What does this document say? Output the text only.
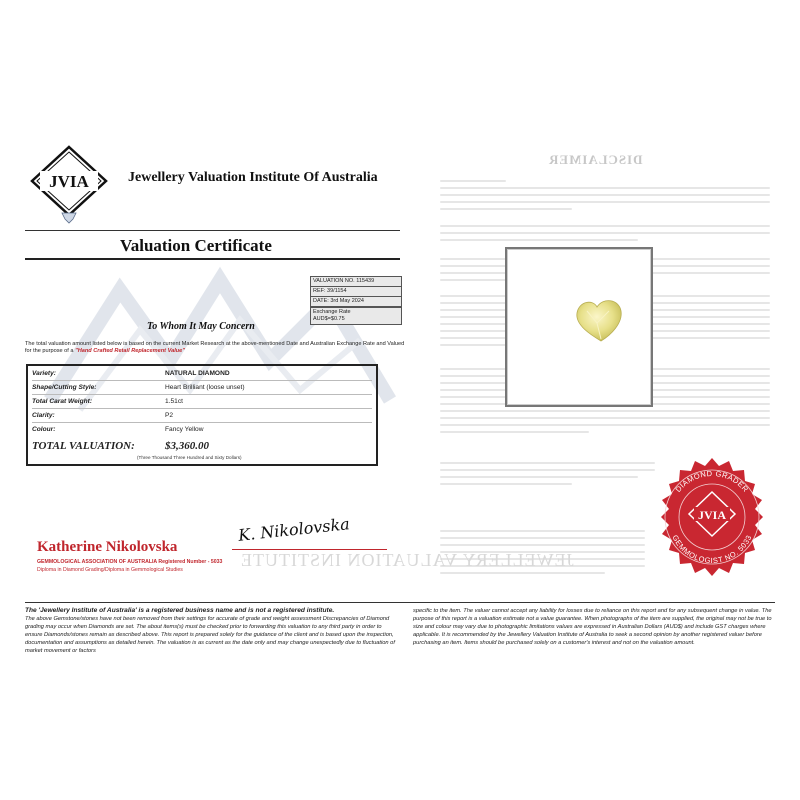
DISCLAIMER
JVIA	Jewellery Valuation Institute Of Australia
Valuation Certificate
VALUATION NO. 115439
REF: 39/1154
DATE: 3rd May 2024
Exchange Rate
AUD$=$0.75
To Whom It May Concern
The total valuation amount listed below is based on the current Market Research at the above-mentioned Date and Australian Exchange Rate and Valued for the purpose of a "Hand Crafted Retail Replacement Value"
Variety:	NATURAL DIAMOND
Shape/Cutting Style:	Heart Brilliant (loose unset)
Total Carat Weight:	1.51ct
Clarity:	P2
Colour:	Fancy Yellow
TOTAL VALUATION:	$3,360.00
(Three Thousand Three Hundred and Sixty Dollars)
JEWELLERY VALUATION INSTITUTE
Katherine Nikolovska
K. Nikolovska
GEMMOLOGICAL ASSOCIATION OF AUSTRALIA Registered Number - 5033
Diploma in Diamond Grading/Diploma in Gemmological Studies
DIAMOND GRADER
GEMMOLOGIST NO. 5033
JVIA
The 'Jewellery Institute of Australia' is a registered business name and is not a registered institute.
The above Gemstone/stones have not been removed from their settings for accurate of grade and weight assessment Discrepancies of Diamond grading may occur when Diamonds are set. The about items(s) must be checked prior to forwarding this valuation to any third party in order to ensure Diamonds/stones remain as described above. This report is prepared solely for the guidance of the client and is based upon the inspection, documentation and assumptions as detailed herein. The valuation is as current as the date only and may change unexpectedly due to fluctuation of market movement or factors
specific to the item. The valuer cannot accept any liability for losses due to reliance on this report and for any subsequent change in value. The purpose of this report is a valuation estimate not a value guarantee. When photographs of the item are supplied, the original may not be true to size and colour may vary due to photographic limitations values are expressed in Australian Dollars (AUD$) and include GST charges where applicable. It is recommended by the Jewellery Valuation Institute of Australia to seek a second opinion by another registered valuer before purchasing an item. Items should be purchased solely on a customer's interest and not on the valuation amount.
